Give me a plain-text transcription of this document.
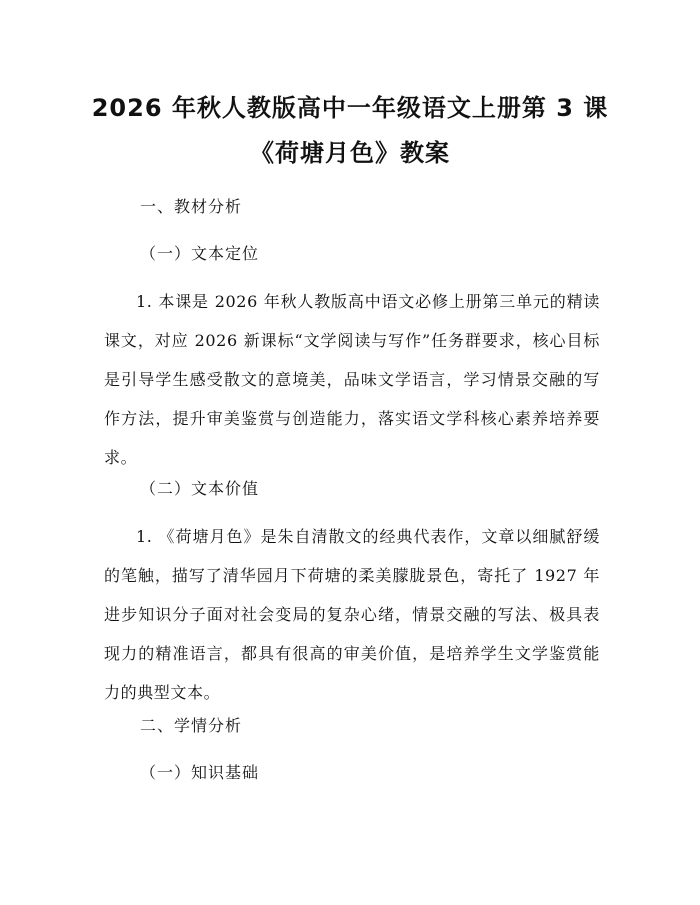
2026 年秋人教版高中一年级语文上册第 3 课
《荷塘月色》教案
一、教材分析
（一）文本定位
1. 本课是 2026 年秋人教版高中语文必修上册第三单元的精读课文，对应 2026 新课标“文学阅读与写作”任务群要求，核心目标是引导学生感受散文的意境美，品味文学语言，学习情景交融的写作方法，提升审美鉴赏与创造能力，落实语文学科核心素养培养要求。
（二）文本价值
1. 《荷塘月色》是朱自清散文的经典代表作，文章以细腻舒缓的笔触，描写了清华园月下荷塘的柔美朦胧景色，寄托了 1927 年进步知识分子面对社会变局的复杂心绪，情景交融的写法、极具表现力的精准语言，都具有很高的审美价值，是培养学生文学鉴赏能力的典型文本。
二、学情分析
（一）知识基础
